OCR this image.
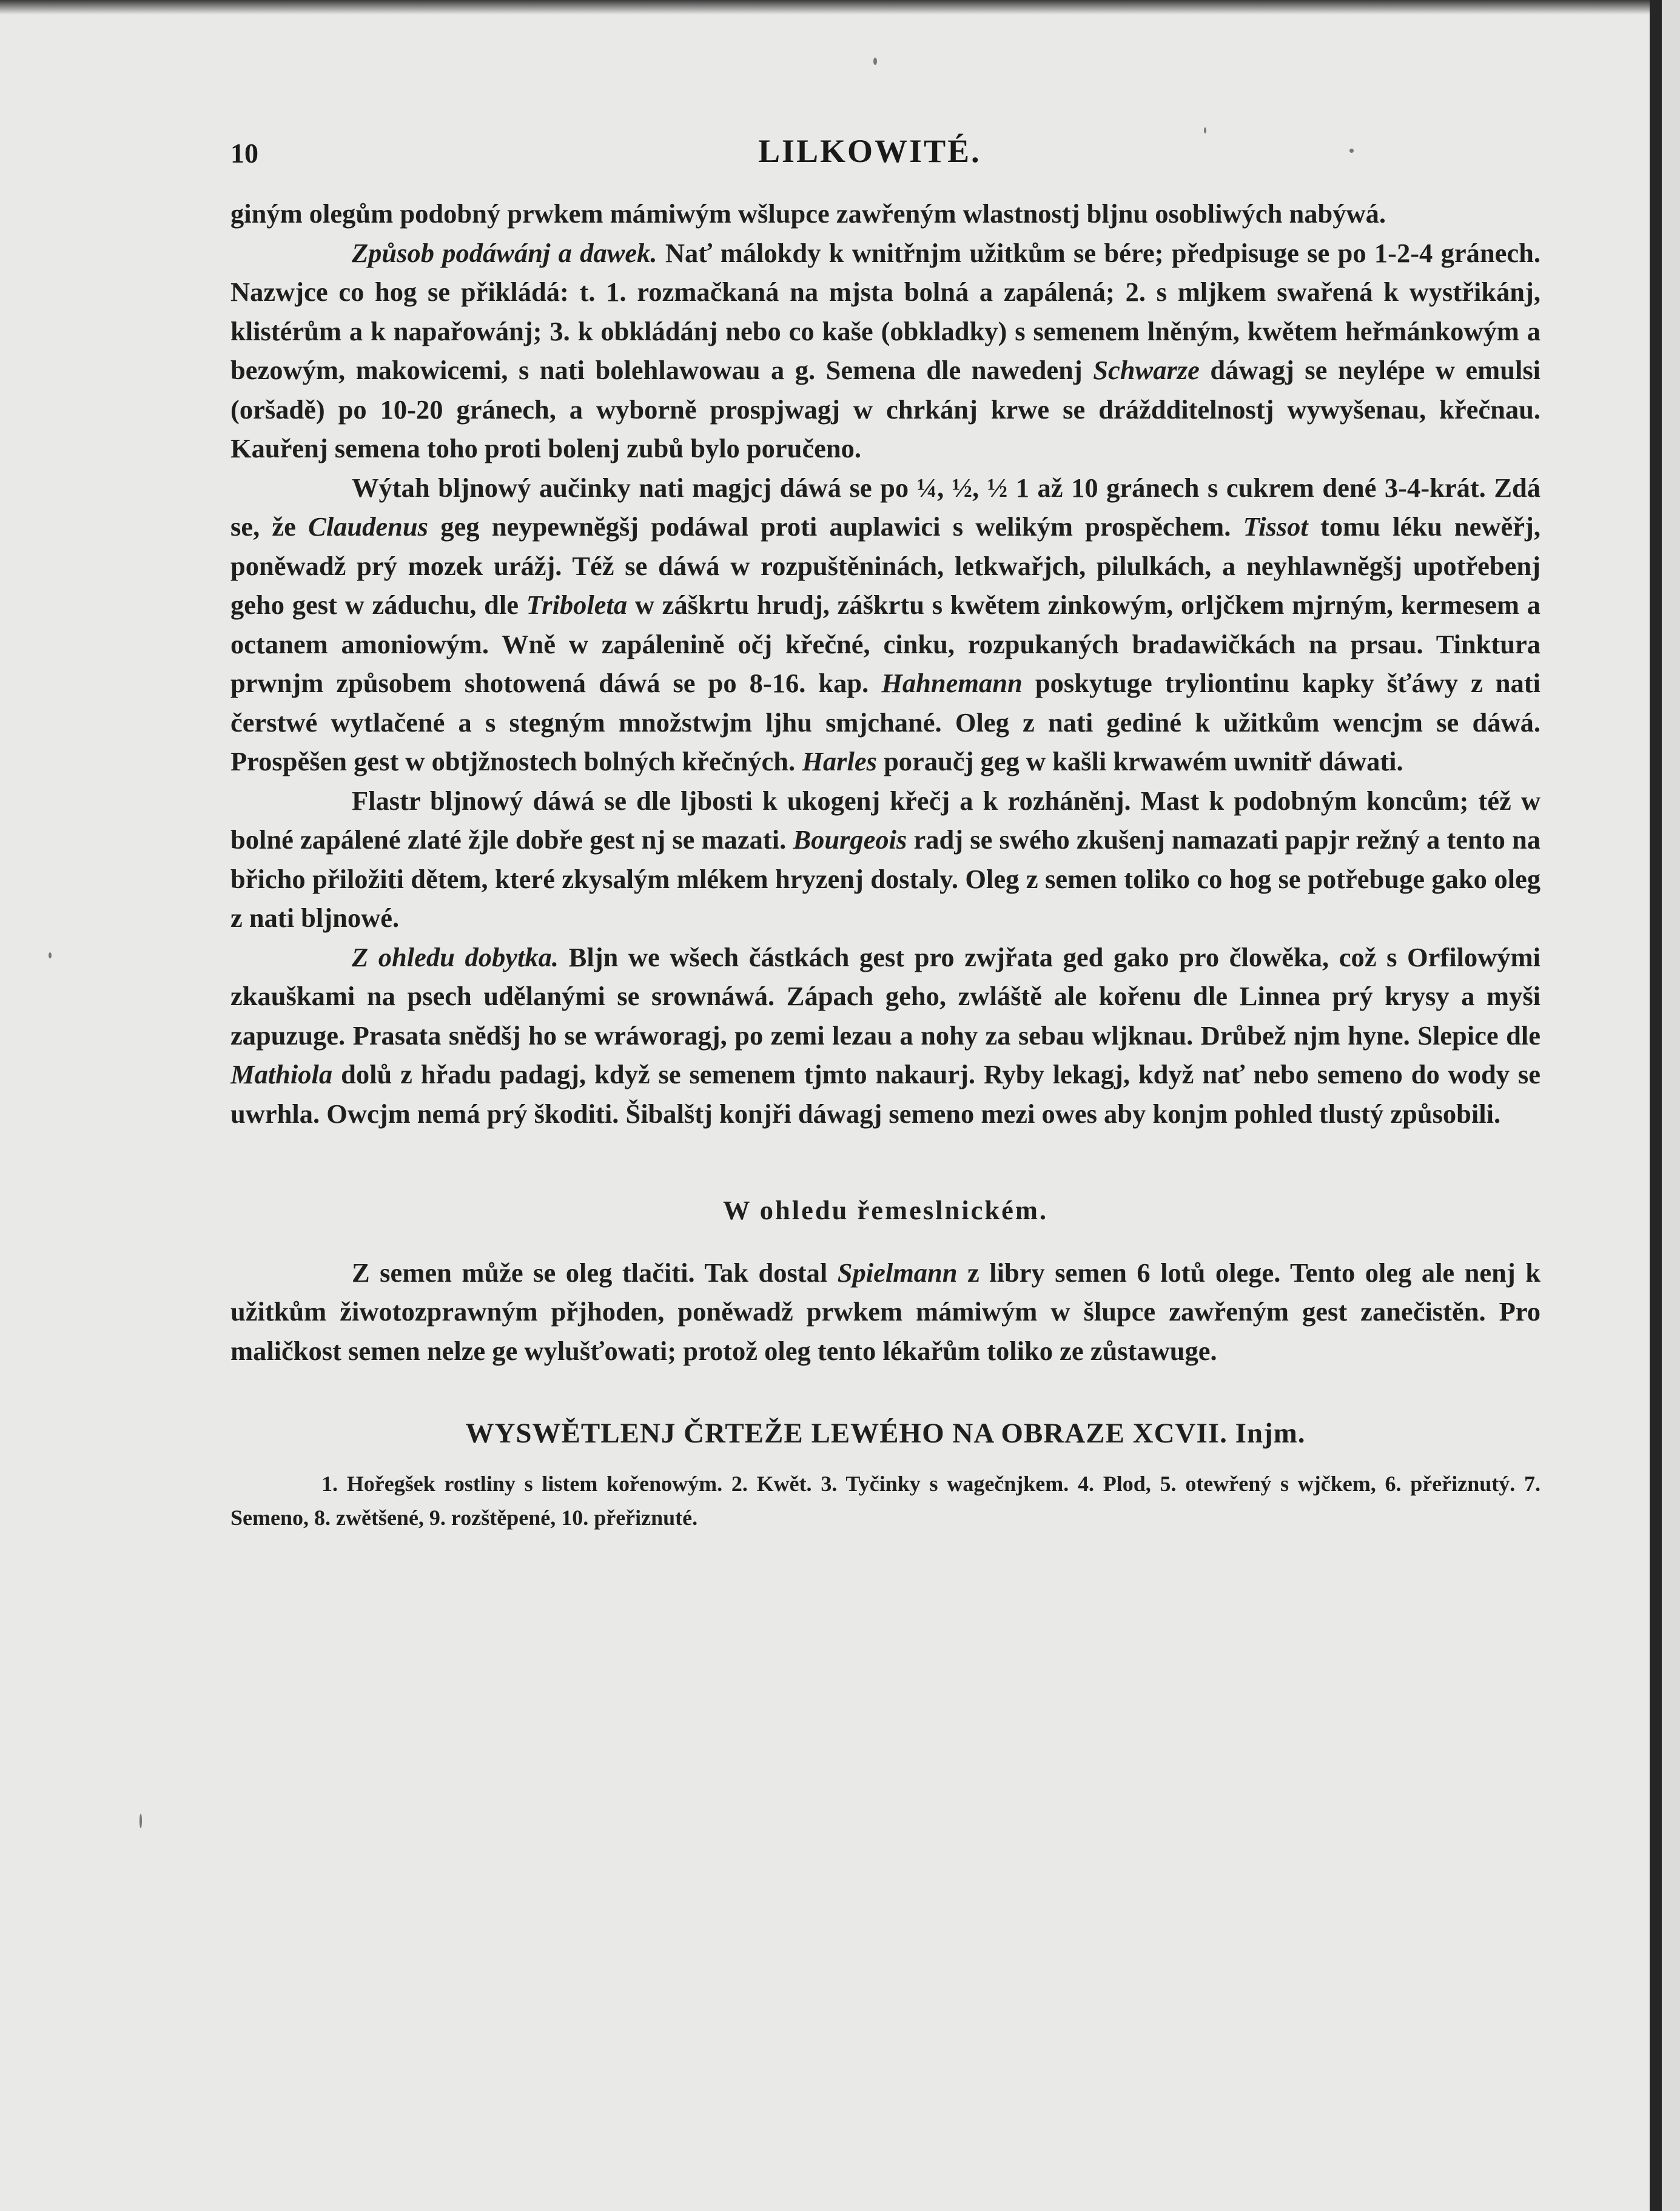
10	LILKOWITÉ.

giným olegům podobný prwkem mámiwým wšlupce zawřeným wlastnostj bljnu osobliwých nabýwá.

Způsob podáwánj a dawek. Nať málokdy k wnitřnjm užitkům se bére; předpisuge se po 1-2-4 gránech. Nazwjce co hog se přikládá: t. 1. rozmačkaná na mjsta bolná a zapálená; 2. s mljkem swařená k wystřikánj, klistérům a k napařowánj; 3. k obkládánj nebo co kaše (obkladky) s semenem lněným, kwětem heřmánkowým a bezowým, makowicemi, s nati bolehlawowau a g. Semena dle nawedenj Schwarze dáwagj se neylépe w emulsi (oršadě) po 10-20 gránech, a wyborně prospjwagj w chrkánj krwe se dráždditelnostj wywyšenau, křečnau. Kauřenj semena toho proti bolenj zubů bylo poručeno.

Wýtah bljnowý aučinky nati magjcj dáwá se po ¼, ½, ½ 1 až 10 gránech s cukrem dené 3-4-krát. Zdá se, že Claudenus geg neypewnĕgšj podáwal proti auplawici s welikým prospěchem. Tissot tomu léku newěřj, poněwadž prý mozek urážj. Též se dáwá w rozpuštěninách, letkwařjch, pilulkách, a neyhlawnĕgšj upotřebenj geho gest w záduchu, dle Triboleta w záškrtu hrudj, záškrtu s kwětem zinkowým, orljčkem mjrným, kermesem a octanem amoniowým. Wně w zapálenině očj křečné, cinku, rozpukaných bradawičkách na prsau. Tinktura prwnjm způsobem shotowená dáwá se po 8-16. kap. Hahnemann poskytuge tryliontinu kapky šťáwy z nati čerstwé wytlačené a s stegným množstwjm ljhu smjchané. Oleg z nati gediné k užitkům wencjm se dáwá. Prospěšen gest w obtjžnostech bolných křečných. Harles poraučj geg w kašli krwawém uwnitř dáwati.

Flastr bljnowý dáwá se dle ljbosti k ukogenj křečj a k rozhánĕnj. Mast k podobným koncům; též w bolné zapálené zlaté žjle dobře gest nj se mazati. Bourgeois radj se swého zkušenj namazati papjr režný a tento na břicho přiložiti dětem, které zkysalým mlékem hryzenj dostaly. Oleg z semen toliko co hog se potřebuge gako oleg z nati bljnowé.

Z ohledu dobytka. Bljn we wšech částkách gest pro zwjřata ged gako pro člowěka, což s Orfilowými zkauškami na psech udělanými se srownáwá. Zápach geho, zwláště ale kořenu dle Linnea prý krysy a myši zapuzuge. Prasata snĕdšj ho se wráworagj, po zemi lezau a nohy za sebau wljknau. Drůbež njm hyne. Slepice dle Mathiola dolů z hřadu padagj, když se semenem tjmto nakaurj. Ryby lekagj, když nať nebo semeno do wody se uwrhla. Owcjm nemá prý škoditi. Šibalštj konjři dáwagj semeno mezi owes aby konjm pohled tlustý způsobili.

W ohledu řemeslnickém.

Z semen může se oleg tlačiti. Tak dostal Spielmann z libry semen 6 lotů olege. Tento oleg ale nenj k užitkům žiwotozprawným přjhoden, poněwadž prwkem mámiwým w šlupce zawřeným gest zanečistěn. Pro maličkost semen nelze ge wylušťowati; protož oleg tento lékařům toliko ze zůstawuge.

WYSWĚTLENJ ČRTEŽE LEWÉHO NA OBRAZE XCVII. Injm.

1. Hořegšek rostliny s listem kořenowým. 2. Kwět. 3. Tyčinky s wagečnjkem. 4. Plod, 5. otewřený s wjčkem, 6. přeřiznutý. 7. Semeno, 8. zwětšené, 9. rozštěpené, 10. přeřiznuté.
